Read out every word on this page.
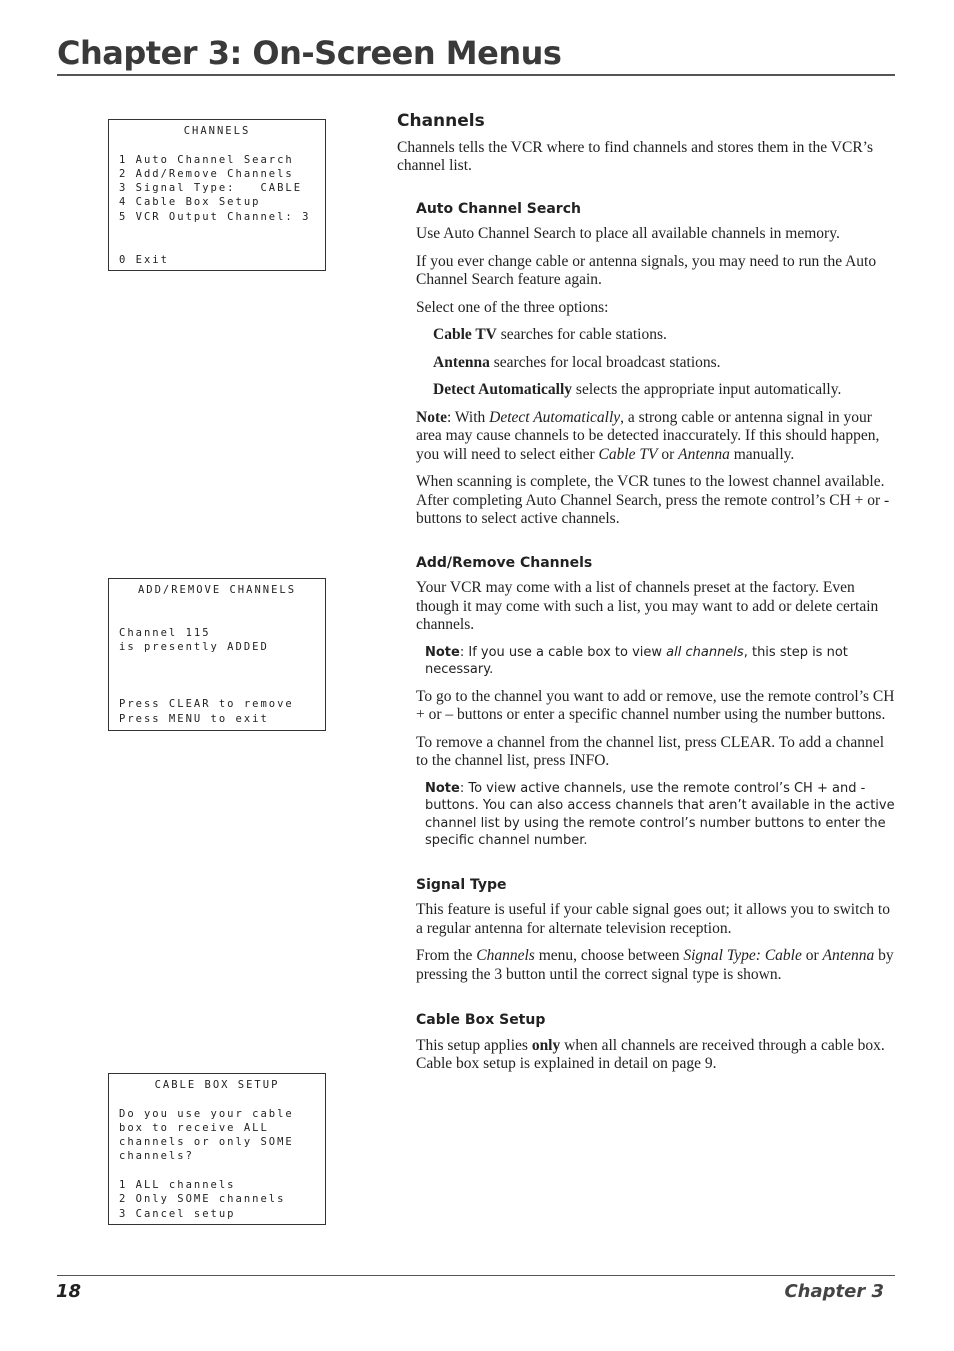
Chapter 3: On-Screen Menus
CHANNELS
1 Auto Channel Search
2 Add/Remove Channels
3 Signal Type:   CABLE
4 Cable Box Setup
5 VCR Output Channel: 3
0 Exit
ADD/REMOVE CHANNELS
Channel 115
is presently ADDED
Press CLEAR to remove
Press MENU to exit
CABLE BOX SETUP
Do you use your cable
box to receive ALL
channels or only SOME
channels?
1 ALL channels
2 Only SOME channels
3 Cancel setup
Channels

Channels tells the VCR where to find channels and stores them in the VCR’s channel list.

Auto Channel Search

Use Auto Channel Search to place all available channels in memory.

If you ever change cable or antenna signals, you may need to run the Auto Channel Search feature again.

Select one of the three options:

Cable TV searches for cable stations.

Antenna searches for local broadcast stations.

Detect Automatically selects the appropriate input automatically.

Note: With Detect Automatically, a strong cable or antenna signal in your area may cause channels to be detected inaccurately. If this should happen, you will need to select either Cable TV or Antenna manually.

When scanning is complete, the VCR tunes to the lowest channel available. After completing Auto Channel Search, press the remote control’s CH + or - buttons to select active channels.

Add/Remove Channels

Your VCR may come with a list of channels preset at the factory. Even though it may come with such a list, you may want to add or delete certain channels.

Note: If you use a cable box to view all channels, this step is not necessary.

To go to the channel you want to add or remove, use the remote control’s CH + or – buttons or enter a specific channel number using the number buttons.

To remove a channel from the channel list, press CLEAR. To add a channel to the channel list, press INFO.

Note: To view active channels, use the remote control’s CH + and - buttons. You can also access channels that aren’t available in the active channel list by using the remote control’s number buttons to enter the specific channel number.

Signal Type

This feature is useful if your cable signal goes out; it allows you to switch to a regular antenna for alternate television reception.

From the Channels menu, choose between Signal Type: Cable or Antenna by pressing the 3 button until the correct signal type is shown.

Cable Box Setup

This setup applies only when all channels are received through a cable box. Cable box setup is explained in detail on page 9.

18	Chapter 3
